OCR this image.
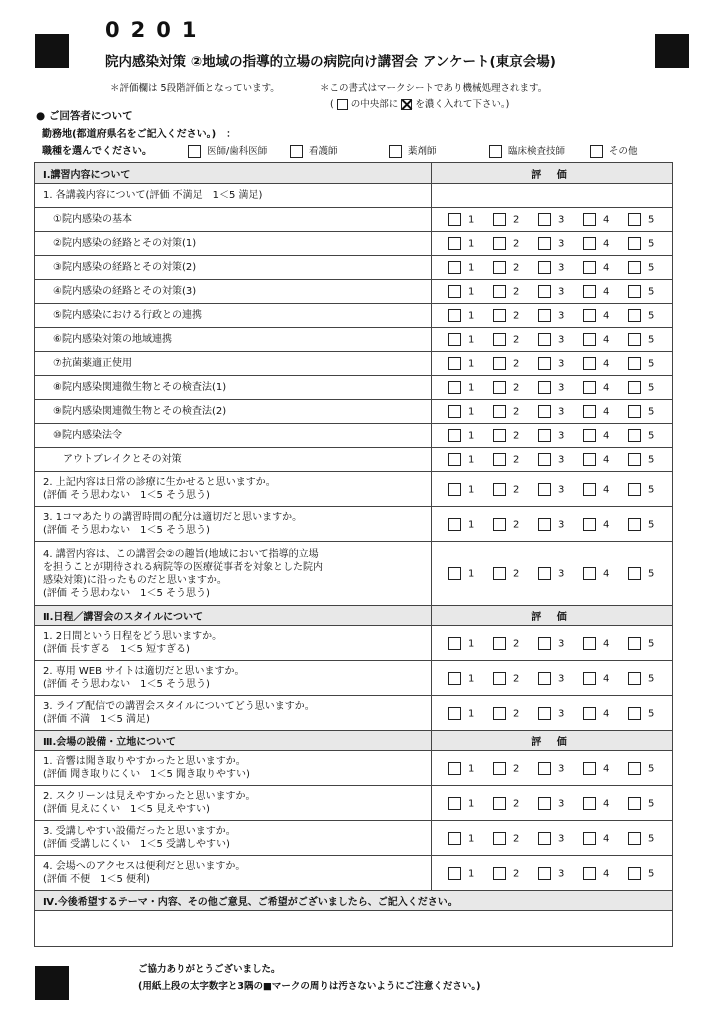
0201
院内感染対策 ②地域の指導的立場の病院向け講習会 アンケート(東京会場)
＊評価欄は 5段階評価となっています。	＊この書式はマークシートであり機械処理されます。
( の中央部に を濃く入れて下さい。)
● ご回答者について
勤務地(都道府県名をご記入ください。)　：
職種を選んでください。	医師/歯科医師	看護師	薬剤師	臨床検査技師	その他
Ⅰ.講習内容について	評 価

1. 各講義内容について(評価 不満足　1＜5 満足)	

①院内感染の基本	1 2 3 4 5

②院内感染の経路とその対策(1)	1 2 3 4 5

③院内感染の経路とその対策(2)	1 2 3 4 5

④院内感染の経路とその対策(3)	1 2 3 4 5

⑤院内感染における行政との連携	1 2 3 4 5

⑥院内感染対策の地域連携	1 2 3 4 5

⑦抗菌薬適正使用	1 2 3 4 5

⑧院内感染関連微生物とその検査法(1)	1 2 3 4 5

⑨院内感染関連微生物とその検査法(2)	1 2 3 4 5

⑩院内感染法令	1 2 3 4 5

アウトブレイクとその対策	1 2 3 4 5

2. 上記内容は日常の診療に生かせると思いますか。
(評価 そう思わない　1＜5 そう思う)	1 2 3 4 5

3. 1コマあたりの講習時間の配分は適切だと思いますか。
(評価 そう思わない　1＜5 そう思う)	1 2 3 4 5

4. 講習内容は、この講習会②の趣旨(地域において指導的立場
を担うことが期待される病院等の医療従事者を対象とした院内
感染対策)に沿ったものだと思いますか。
(評価 そう思わない　1＜5 そう思う)	1 2 3 4 5
Ⅱ.日程／講習会のスタイルについて	評 価

1. 2日間という日程をどう思いますか。
(評価 長すぎる　1＜5 短すぎる)	1 2 3 4 5

2. 専用 WEB サイトは適切だと思いますか。
(評価 そう思わない　1＜5 そう思う)	1 2 3 4 5

3. ライブ配信での講習会スタイルについてどう思いますか。
(評価 不満　1＜5 満足)	1 2 3 4 5
Ⅲ.会場の設備・立地について	評 価

1. 音響は聞き取りやすかったと思いますか。
(評価 聞き取りにくい　1＜5 聞き取りやすい)	1 2 3 4 5

2. スクリーンは見えやすかったと思いますか。
(評価 見えにくい　1＜5 見えやすい)	1 2 3 4 5

3. 受講しやすい設備だったと思いますか。
(評価 受講しにくい　1＜5 受講しやすい)	1 2 3 4 5

4. 会場へのアクセスは便利だと思いますか。
(評価 不便　1＜5 便利)	1 2 3 4 5
Ⅳ.今後希望するテーマ・内容、その他ご意見、ご希望がございましたら、ご記入ください。	

ご協力ありがとうございました。
(用紙上段の太字数字と3隅の■マークの周りは汚さないようにご注意ください。)
